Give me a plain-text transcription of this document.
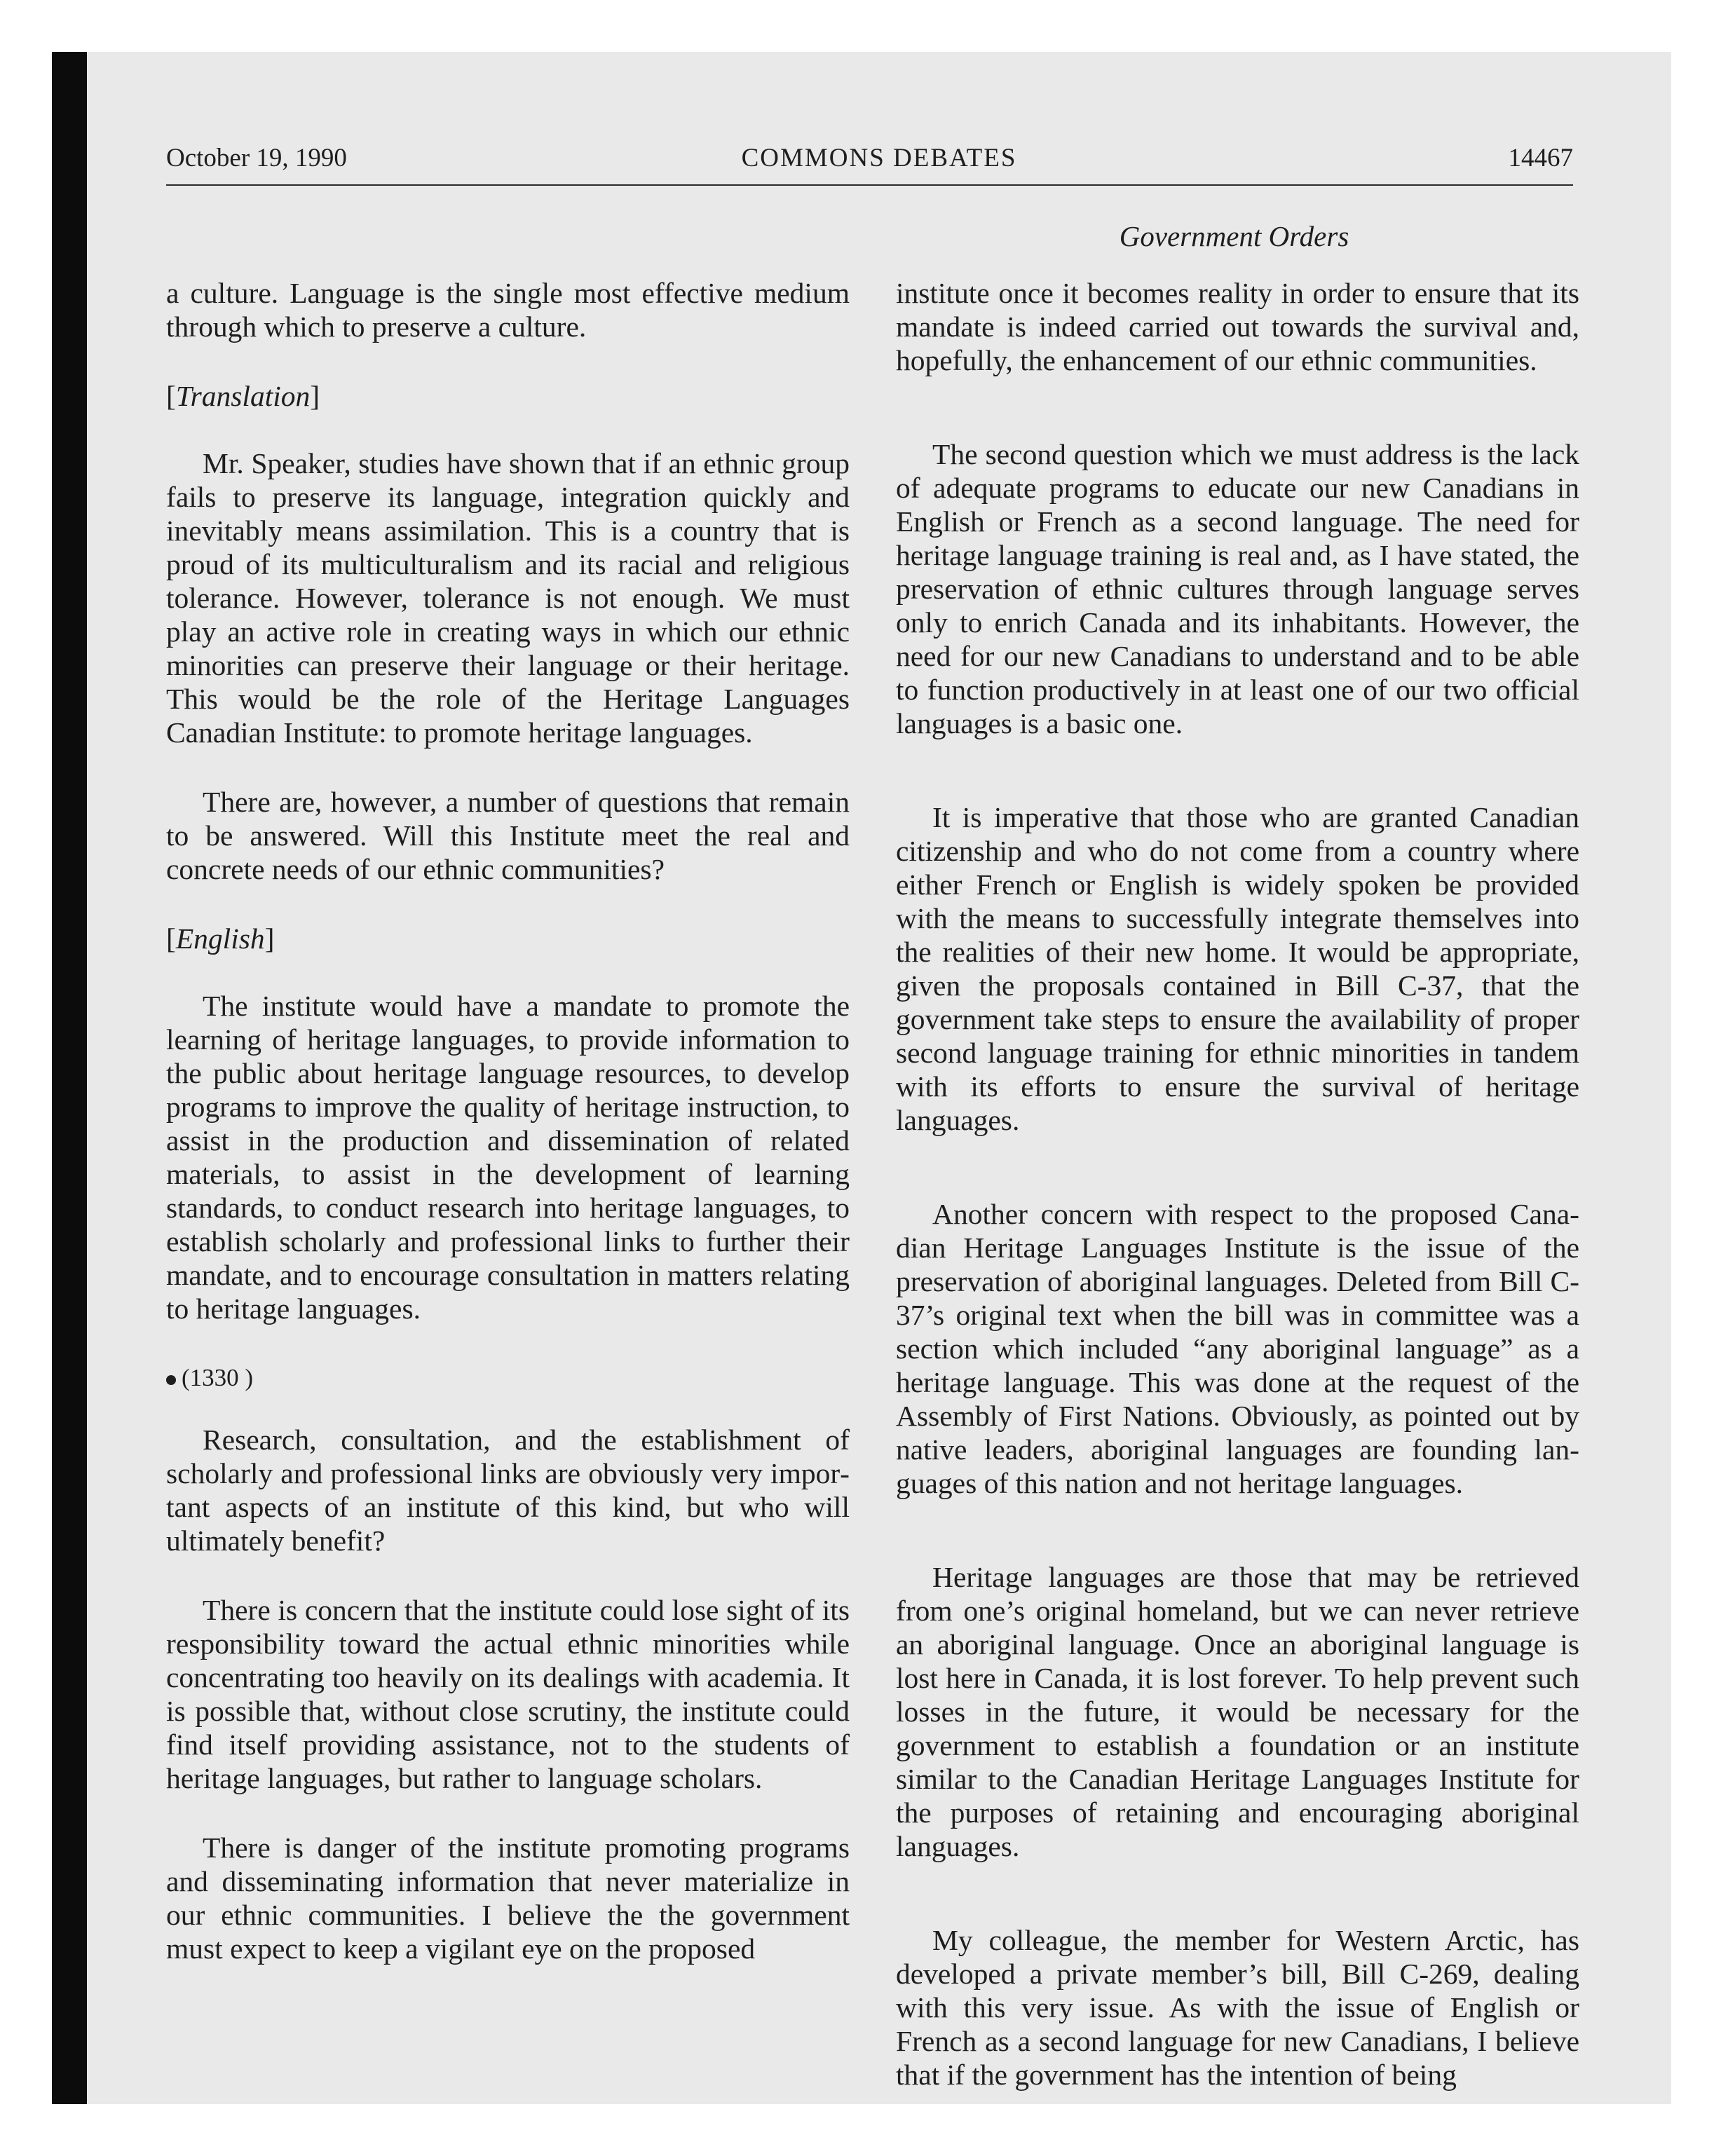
October 19, 1990	COMMONS DEBATES	14467
Government Orders

a culture. Language is the single most effective medium through which to preserve a culture.

[Translation]

Mr. Speaker, studies have shown that if an ethnic group fails to preserve its language, integration quickly and inevitably means assimilation. This is a country that is proud of its multiculturalism and its racial and religious tolerance. However, tolerance is not enough. We must play an active role in creating ways in which our ethnic minorities can preserve their language or their heritage. This would be the role of the Heritage Languages Canadian Institute: to promote heritage languages.

There are, however, a number of questions that remain to be answered. Will this Institute meet the real and concrete needs of our ethnic communities?

[English]

The institute would have a mandate to promote the learning of heritage languages, to provide information to the public about heritage language resources, to develop programs to improve the quality of heritage instruction, to assist in the production and dissemination of related materials, to assist in the development of learning standards, to conduct research into heritage languages, to establish scholarly and professional links to further their mandate, and to encourage consultation in matters relating to heritage languages.

(1330 )

Research, consultation, and the establishment of scholarly and professional links are obviously very important aspects of an institute of this kind, but who will ultimately benefit?

There is concern that the institute could lose sight of its responsibility toward the actual ethnic minorities while concentrating too heavily on its dealings with academia. It is possible that, without close scrutiny, the institute could find itself providing assistance, not to the students of heritage languages, but rather to language scholars.

There is danger of the institute promoting programs and disseminating information that never materialize in our ethnic communities. I believe the the government must expect to keep a vigilant eye on the proposed

institute once it becomes reality in order to ensure that its mandate is indeed carried out towards the survival and, hopefully, the enhancement of our ethnic communities.

The second question which we must address is the lack of adequate programs to educate our new Canadians in English or French as a second language. The need for heritage language training is real and, as I have stated, the preservation of ethnic cultures through language serves only to enrich Canada and its inhabitants. However, the need for our new Canadians to understand and to be able to function productively in at least one of our two official languages is a basic one.

It is imperative that those who are granted Canadian citizenship and who do not come from a country where either French or English is widely spoken be provided with the means to successfully integrate themselves into the realities of their new home. It would be appropriate, given the proposals contained in Bill C-37, that the government take steps to ensure the availability of proper second language training for ethnic minorities in tandem with its efforts to ensure the survival of heritage languages.

Another concern with respect to the proposed Canadian Heritage Languages Institute is the issue of the preservation of aboriginal languages. Deleted from Bill C-37’s original text when the bill was in committee was a section which included “any aboriginal language” as a heritage language. This was done at the request of the Assembly of First Nations. Obviously, as pointed out by native leaders, aboriginal languages are founding languages of this nation and not heritage languages.

Heritage languages are those that may be retrieved from one’s original homeland, but we can never retrieve an aboriginal language. Once an aboriginal language is lost here in Canada, it is lost forever. To help prevent such losses in the future, it would be necessary for the government to establish a foundation or an institute similar to the Canadian Heritage Languages Institute for the purposes of retaining and encouraging aboriginal languages.

My colleague, the member for Western Arctic, has developed a private member’s bill, Bill C-269, dealing with this very issue. As with the issue of English or French as a second language for new Canadians, I believe that if the government has the intention of being
